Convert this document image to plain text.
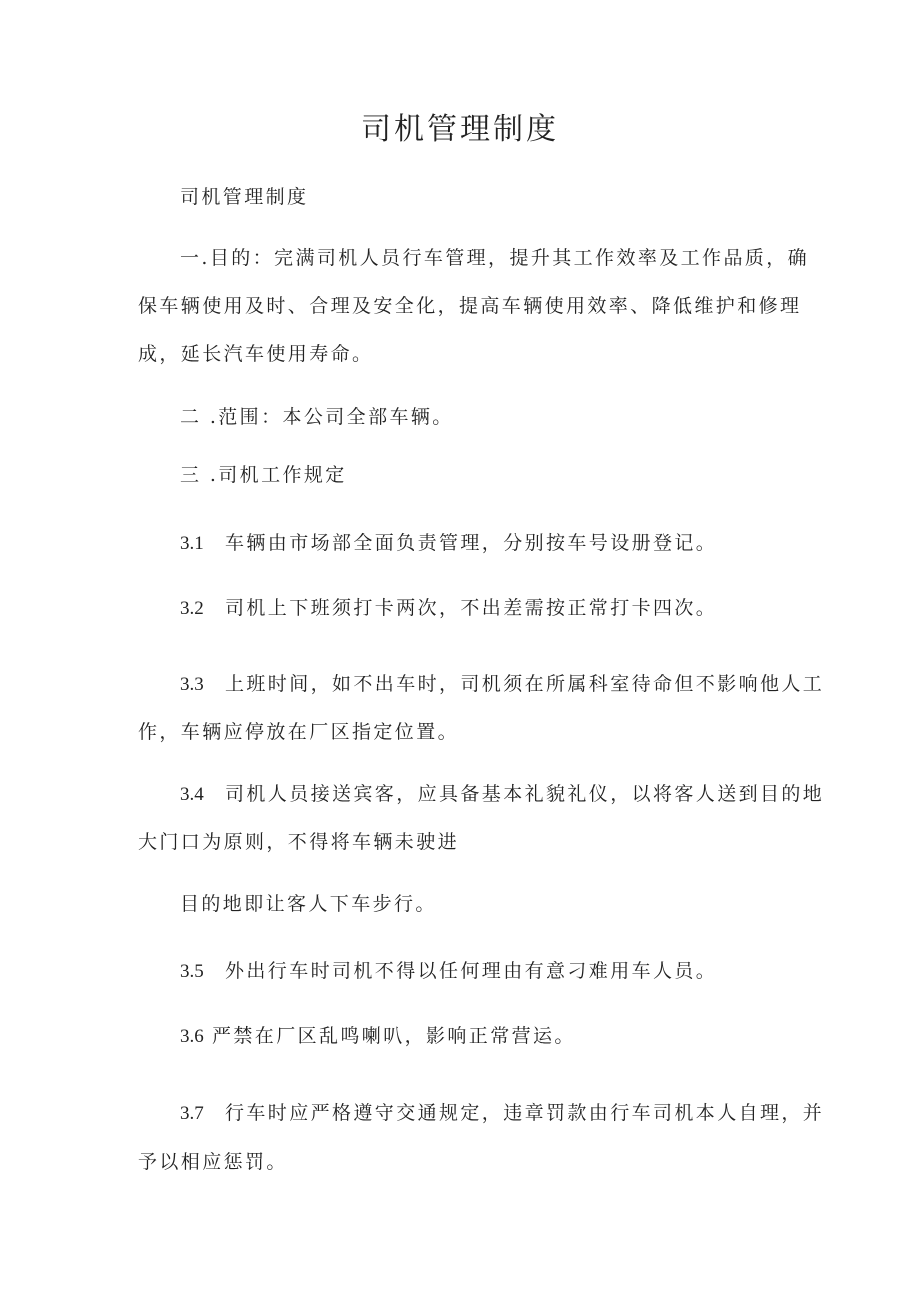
司机管理制度

司机管理制度

一.目的：完满司机人员行车管理，提升其工作效率及工作品质，确

保车辆使用及时、合理及安全化，提高车辆使用效率、降低维护和修理

成，延长汽车使用寿命。

二 .范围：本公司全部车辆。

三 .司机工作规定

3.1 车辆由市场部全面负责管理，分别按车号设册登记。

3.2 司机上下班须打卡两次，不出差需按正常打卡四次。

3.3 上班时间，如不出车时，司机须在所属科室待命但不影响他人工

作，车辆应停放在厂区指定位置。

3.4 司机人员接送宾客，应具备基本礼貌礼仪，以将客人送到目的地

大门口为原则，不得将车辆未驶进

目的地即让客人下车步行。

3.5 外出行车时司机不得以任何理由有意刁难用车人员。

3.6 严禁在厂区乱鸣喇叭，影响正常营运。

3.7 行车时应严格遵守交通规定，违章罚款由行车司机本人自理，并

予以相应惩罚。
